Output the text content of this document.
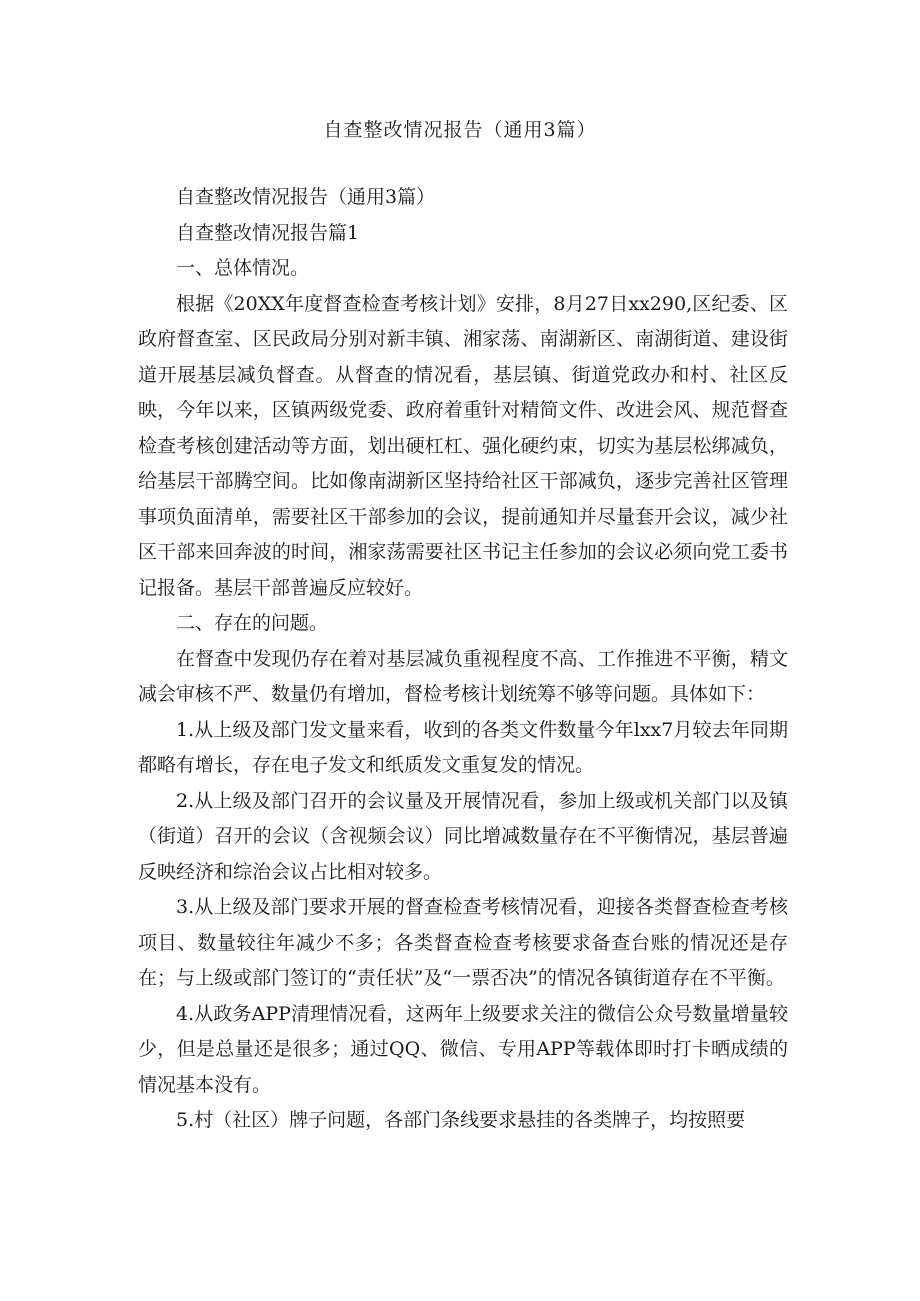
自查整改情况报告（通用3篇）

自查整改情况报告（通用3篇）

自查整改情况报告篇1

一、总体情况。

根据《20XX年度督查检查考核计划》安排，8月27日xx290,区纪委、区政府督查室、区民政局分别对新丰镇、湘家荡、南湖新区、南湖街道、建设街道开展基层减负督查。从督查的情况看，基层镇、街道党政办和村、社区反映，今年以来，区镇两级党委、政府着重针对精简文件、改进会风、规范督查检查考核创建活动等方面，划出硬杠杠、强化硬约束，切实为基层松绑减负，给基层干部腾空间。比如像南湖新区坚持给社区干部减负，逐步完善社区管理事项负面清单，需要社区干部参加的会议，提前通知并尽量套开会议，减少社区干部来回奔波的时间，湘家荡需要社区书记主任参加的会议必须向党工委书记报备。基层干部普遍反应较好。

二、存在的问题。

在督查中发现仍存在着对基层减负重视程度不高、工作推进不平衡，精文减会审核不严、数量仍有增加，督检考核计划统筹不够等问题。具体如下：

1.从上级及部门发文量来看，收到的各类文件数量今年lxx7月较去年同期都略有增长，存在电子发文和纸质发文重复发的情况。

2.从上级及部门召开的会议量及开展情况看，参加上级或机关部门以及镇（街道）召开的会议（含视频会议）同比增减数量存在不平衡情况，基层普遍反映经济和综治会议占比相对较多。

3.从上级及部门要求开展的督查检查考核情况看，迎接各类督查检查考核项目、数量较往年减少不多；各类督查检查考核要求备查台账的情况还是存在；与上级或部门签订的“责任状”及“一票否决”的情况各镇街道存在不平衡。

4.从政务APP清理情况看，这两年上级要求关注的微信公众号数量增量较少，但是总量还是很多；通过QQ、微信、专用APP等载体即时打卡晒成绩的情况基本没有。

5.村（社区）牌子问题，各部门条线要求悬挂的各类牌子，均按照要
